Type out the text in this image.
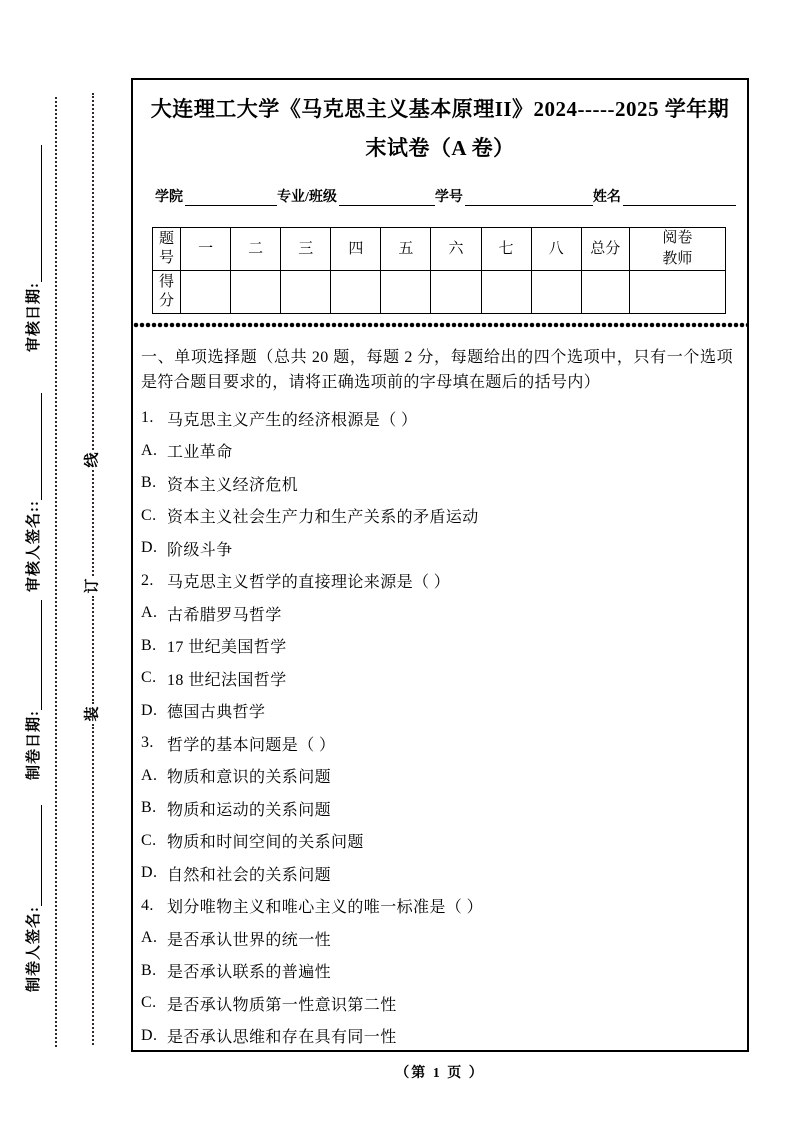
审核日期:
审核人签名::
制卷日期:
制卷人签名:
线
订
装
大连理工大学《马克思主义基本原理II》2024-----2025 学年期末试卷（A 卷）
学院	专业/班级	学号	姓名
题号	一	二	三	四	五	六	七	八	总分	阅卷教师
得分										
一、单项选择题（总共 20 题，每题 2 分，每题给出的四个选项中，只有一个选项是符合题目要求的，请将正确选项前的字母填在题后的括号内）
1. 马克思主义产生的经济根源是（ ）
A. 工业革命
B. 资本主义经济危机
C. 资本主义社会生产力和生产关系的矛盾运动
D. 阶级斗争
2. 马克思主义哲学的直接理论来源是（ ）
A. 古希腊罗马哲学
B. 17 世纪美国哲学
C. 18 世纪法国哲学
D. 德国古典哲学
3. 哲学的基本问题是（ ）
A. 物质和意识的关系问题
B. 物质和运动的关系问题
C. 物质和时间空间的关系问题
D. 自然和社会的关系问题
4. 划分唯物主义和唯心主义的唯一标准是（ ）
A. 是否承认世界的统一性
B. 是否承认联系的普遍性
C. 是否承认物质第一性意识第二性
D. 是否承认思维和存在具有同一性
（第 1 页 ）
